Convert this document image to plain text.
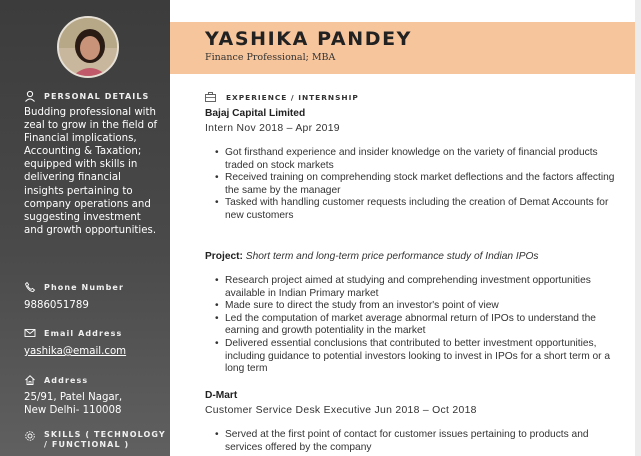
YASHIKA PANDEY
Finance Professional; MBA
PERSONAL DETAILS
Budding professional with zeal to grow in the field of Financial implications, Accounting & Taxation; equipped with skills in delivering financial insights pertaining to company operations and suggesting investment and growth opportunities.
Phone Number
9886051789
Email Address
yashika@email.com
Address
25/91, Patel Nagar,
New Delhi- 110008
SKILLS ( TECHNOLOGY
/ FUNCTIONAL )
EXPERIENCE / INTERNSHIP
Bajaj Capital Limited
Intern Nov 2018 – Apr 2019
• Got firsthand experience and insider knowledge on the variety of financial products traded on stock markets
• Received training on comprehending stock market deflections and the factors affecting the same by the manager
• Tasked with handling customer requests including the creation of Demat Accounts for new customers
Project: Short term and long-term price performance study of Indian IPOs
• Research project aimed at studying and comprehending investment opportunities available in Indian Primary market
• Made sure to direct the study from an investor's point of view
• Led the computation of market average abnormal return of IPOs to understand the earning and growth potentiality in the market
• Delivered essential conclusions that contributed to better investment opportunities, including guidance to potential investors looking to invest in IPOs for a short term or a long term
D-Mart
Customer Service Desk Executive Jun 2018 – Oct 2018
• Served at the first point of contact for customer issues pertaining to products and services offered by the company
